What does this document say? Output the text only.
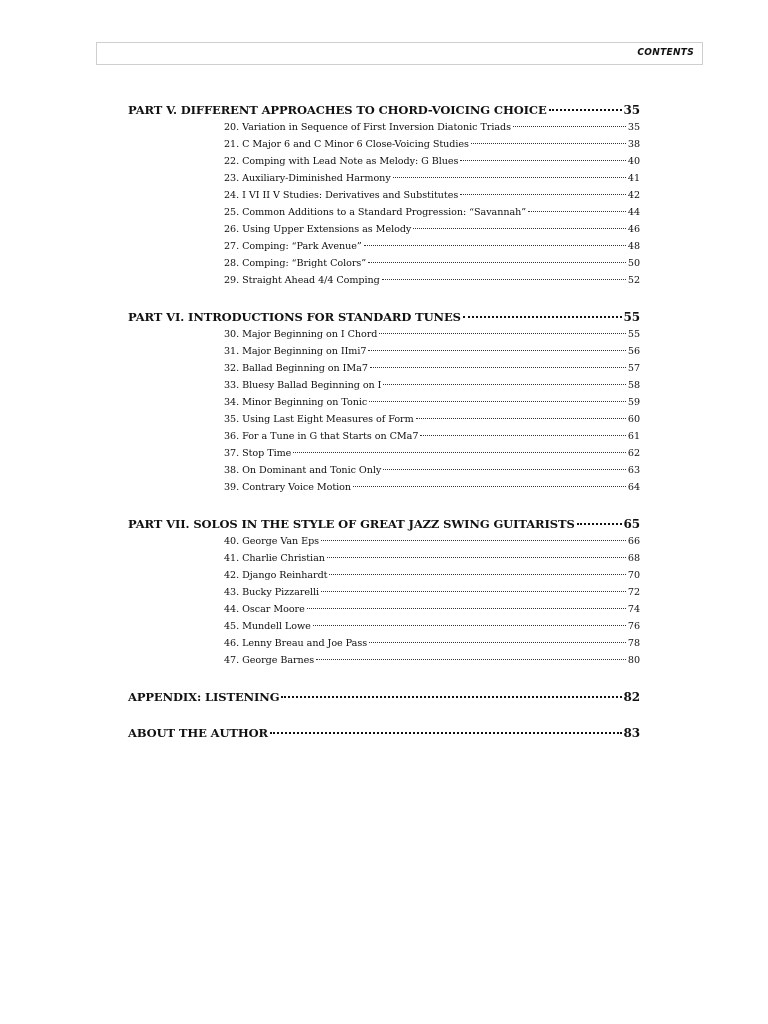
CONTENTS
PART V. DIFFERENT APPROACHES TO CHORD-VOICING CHOICE	35
20. Variation in Sequence of First Inversion Diatonic Triads	35
21. C Major 6 and C Minor 6 Close-Voicing Studies	38
22. Comping with Lead Note as Melody: G Blues	40
23. Auxiliary-Diminished Harmony	41
24. I VI II V Studies: Derivatives and Substitutes	42
25. Common Additions to a Standard Progression: “Savannah”	44
26. Using Upper Extensions as Melody	46
27. Comping: “Park Avenue”	48
28. Comping: “Bright Colors”	50
29. Straight Ahead 4/4 Comping	52
PART VI. INTRODUCTIONS FOR STANDARD TUNES	55
30. Major Beginning on I Chord	55
31. Major Beginning on IImi7	56
32. Ballad Beginning on IMa7	57
33. Bluesy Ballad Beginning on I	58
34. Minor Beginning on Tonic	59
35. Using Last Eight Measures of Form	60
36. For a Tune in G that Starts on CMa7	61
37. Stop Time	62
38. On Dominant and Tonic Only	63
39. Contrary Voice Motion	64
PART VII. SOLOS IN THE STYLE OF GREAT JAZZ SWING GUITARISTS	65
40. George Van Eps	66
41. Charlie Christian	68
42. Django Reinhardt	70
43. Bucky Pizzarelli	72
44. Oscar Moore	74
45. Mundell Lowe	76
46. Lenny Breau and Joe Pass	78
47. George Barnes	80
APPENDIX: LISTENING	82
ABOUT THE AUTHOR	83
